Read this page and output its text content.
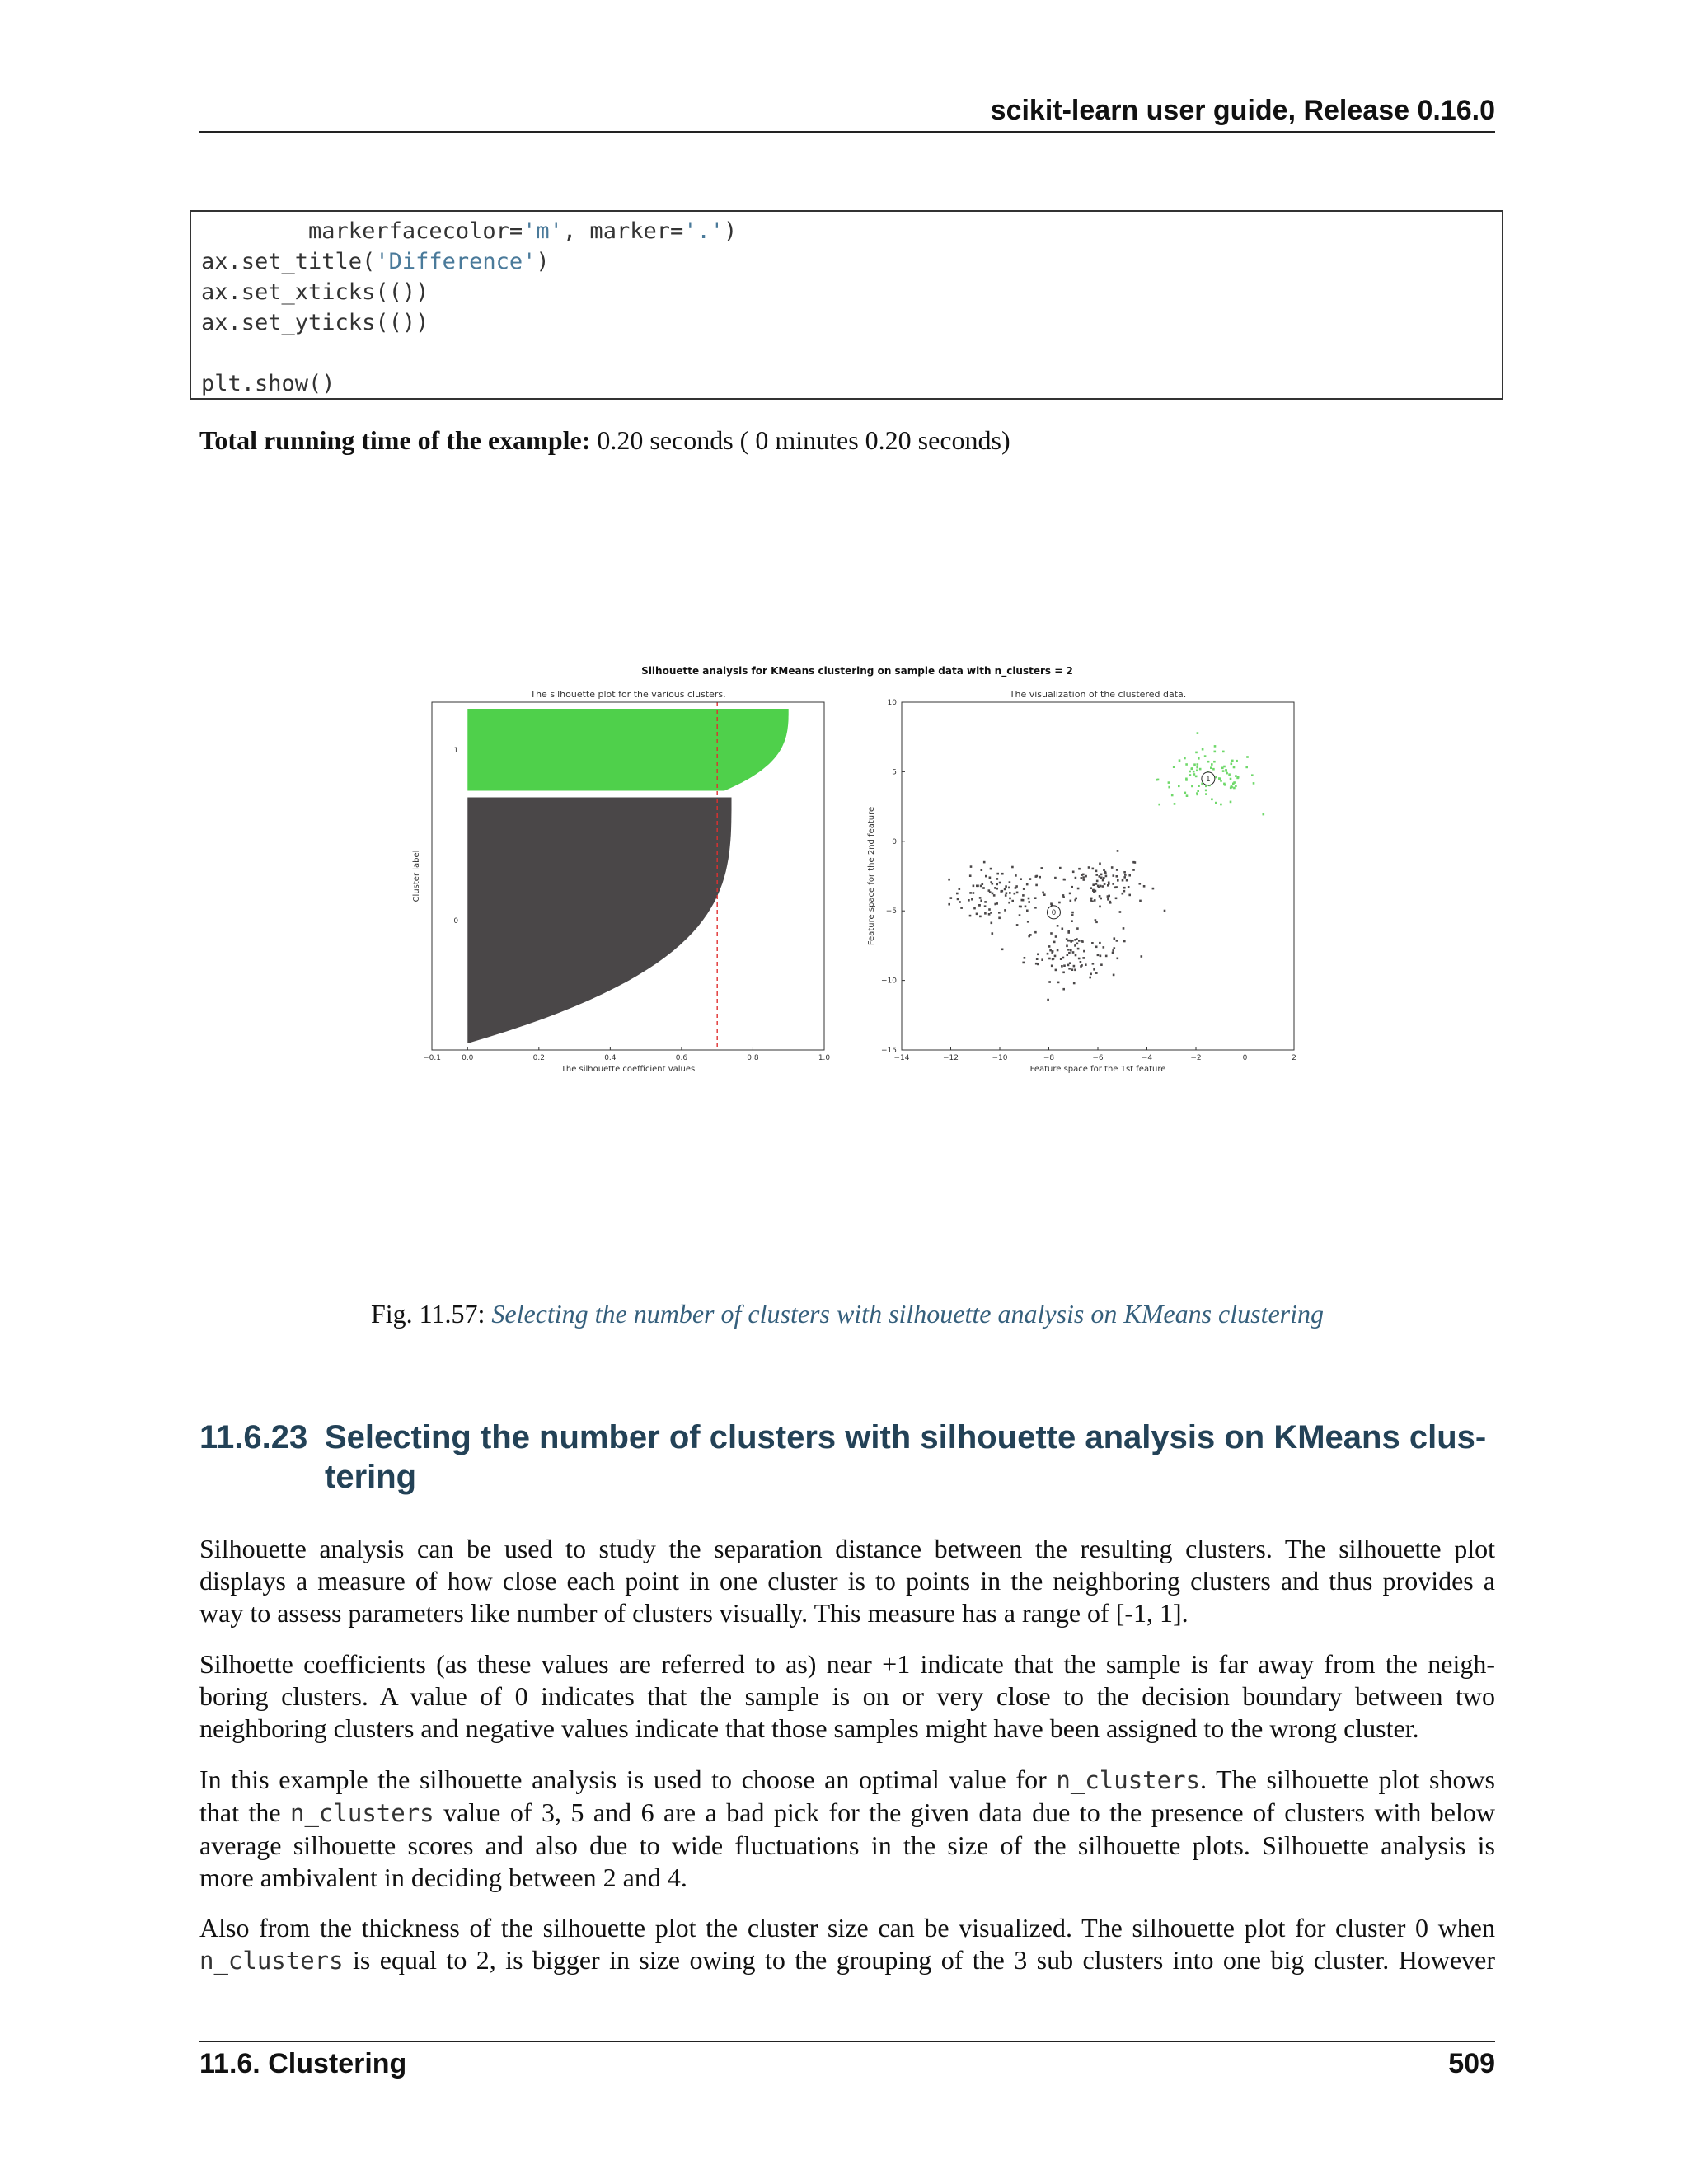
scikit-learn user guide, Release 0.16.0
markerfacecolor='m', marker='.')
ax.set_title('Difference')
ax.set_xticks(())
ax.set_yticks(())
plt.show()
Total running time of the example: 0.20 seconds ( 0 minutes 0.20 seconds)
Silhouette analysis for KMeans clustering on sample data with n_clusters = 2
The silhouette plot for the various clusters.
1
0
−0.1	0.0	0.2	0.4	0.6	0.8	1.0
The silhouette coefficient values
Cluster label
The visualization of the clustered data.
0
1
−14	−12	−10	−8	−6	−4	−2	0	2
10
5
0
−5
−10
−15
Feature space for the 1st feature
Feature space for the 2nd feature
Fig. 11.57: Selecting the number of clusters with silhouette analysis on KMeans clustering
11.6.23 Selecting the number of clusters with silhouette analysis on KMeans clus-
tering
Silhouette analysis can be used to study the separation distance between the resulting clusters. The silhouette plot
displays a measure of how close each point in one cluster is to points in the neighboring clusters and thus provides a
way to assess parameters like number of clusters visually. This measure has a range of [-1, 1].
Silhoette coefficients (as these values are referred to as) near +1 indicate that the sample is far away from the neigh-
boring clusters. A value of 0 indicates that the sample is on or very close to the decision boundary between two
neighboring clusters and negative values indicate that those samples might have been assigned to the wrong cluster.
In this example the silhouette analysis is used to choose an optimal value for n_clusters. The silhouette plot shows
that the n_clusters value of 3, 5 and 6 are a bad pick for the given data due to the presence of clusters with below
average silhouette scores and also due to wide fluctuations in the size of the silhouette plots. Silhouette analysis is
more ambivalent in deciding between 2 and 4.
Also from the thickness of the silhouette plot the cluster size can be visualized. The silhouette plot for cluster 0 when
n_clusters is equal to 2, is bigger in size owing to the grouping of the 3 sub clusters into one big cluster. However
11.6. Clustering	509
